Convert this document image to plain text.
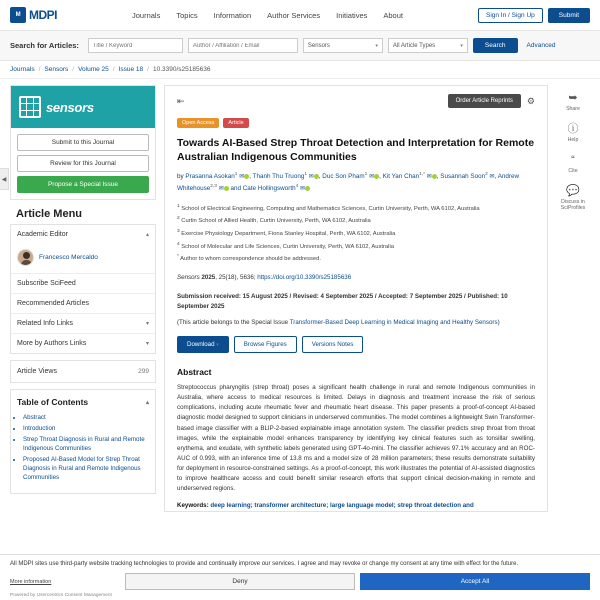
M MDPI	Journals Topics Information Author Services Initiatives About	Sign In / Sign Up	Submit
Search for Articles:
Title / Keyword
Author / Affiliation / Email	Sensors	▾	All Article Types	▾	Search	Advanced
Journals / Sensors / Volume 25 / Issue 18 / 10.3390/s25185636
sensors
Submit to this Journal
Review for this Journal
Propose a Special Issue
Article Menu
Academic Editor	▴
Francesco Mercaldo
Subscribe SciFeed
Recommended Articles
Related Info Links	▾
More by Authors Links	▾
Article Views	299
Table of Contents	▴
• Abstract
• Introduction
• Strep Throat Diagnosis in Rural and Remote Indigenous Communities
• Proposed AI-Based Model for Strep Throat Diagnosis in Rural and Remote Indigenous Communities
⇤	Order Article Reprints	⚙
Open Access	Article
Towards AI-Based Strep Throat Detection and Interpretation for Remote Australian Indigenous Communities
by Prasanna Asokan$^1$ ✉ , Thanh Thu Truong$^1$ ✉ , Duc Son Pham$^1$ ✉ , Kit Yan Chan$^{1,*}$ ✉ , Susannah Soon$^2$ ✉, Andrew Whitehouse$^{2,3}$ ✉ and Cate Hollingsworth$^4$ ✉
$^1$ School of Electrical Engineering, Computing and Mathematics Sciences, Curtin University, Perth, WA 6102, Australia
$^2$ Curtin School of Allied Health, Curtin University, Perth, WA 6102, Australia
$^3$ Exercise Physiology Department, Fiona Stanley Hospital, Perth, WA 6102, Australia
$^4$ School of Molecular and Life Sciences, Curtin University, Perth, WA 6102, Australia
* Author to whom correspondence should be addressed.
Sensors 2025, 25(18), 5636; https://doi.org/10.3390/s25185636
Submission received: 15 August 2025 / Revised: 4 September 2025 / Accepted: 7 September 2025 / Published: 10 September 2025
(This article belongs to the Special Issue Transformer-Based Deep Learning in Medical Imaging and Healthy Sensors)
Download ▾	Browse Figures	Versions Notes
Abstract

Streptococcus pharyngitis (strep throat) poses a significant health challenge in rural and remote Indigenous communities in Australia, where access to medical resources is limited. Delays in diagnosis and treatment increase the risk of serious complications, including acute rheumatic fever and rheumatic heart disease. This paper presents a proof-of-concept AI-based diagnostic model designed to support clinicians in underserved communities. The model combines a lightweight Swin Transformer-based image classifier with a BLIP-2-based explainable image annotation system. The classifier predicts strep throat from throat images, while the explainable model enhances transparency by identifying key clinical features such as tonsillar swelling, erythema, and exudate, with synthetic labels generated using GPT-4o-mini. The classifier achieves 97.1% accuracy and an ROC-AUC of 0.993, with an inference time of 13.8 ms and a model size of 28 million parameters; these results demonstrate suitability for deployment in resource-constrained settings. As a proof-of-concept, this work illustrates the potential of AI-assisted diagnostics to improve healthcare access and could benefit similar research efforts that support clinical decision-making in remote and underserved regions.

Keywords: deep learning; transformer architecture; large language model; strep throat detection and
➥
Share
ⓘ
Help
“
Cite
💬
Discuss in SciProfiles
◀
All MDPI sites use third-party website tracking technologies to provide and continually improve our services. I agree and may revoke or change my consent at any time with effect for the future.
More information	Deny	Accept All
Powered by Usercentrics Consent Management
